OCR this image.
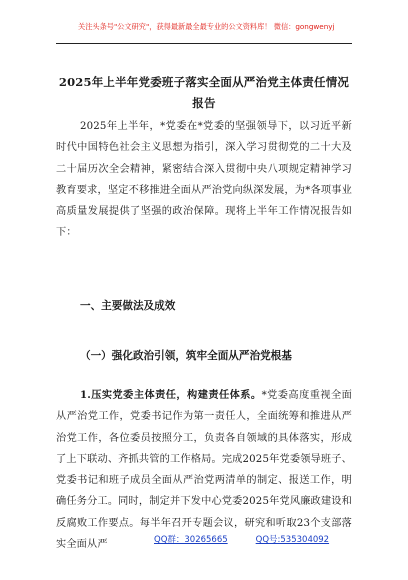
关注头条号"公文研究"，获得最新最全最专业的公文资料库！ 微信：gongwenyj
2025年上半年党委班子落实全面从严治党主体责任情况报告
2025年上半年，*党委在*党委的坚强领导下，以习近平新时代中国特色社会主义思想为指引，深入学习贯彻党的二十大及二十届历次全会精神，紧密结合深入贯彻中央八项规定精神学习教育要求，坚定不移推进全面从严治党向纵深发展，为*各项事业高质量发展提供了坚强的政治保障。现将上半年工作情况报告如下：
一、主要做法及成效
（一）强化政治引领，筑牢全面从严治党根基
1.压实党委主体责任，构建责任体系。*党委高度重视全面从严治党工作，党委书记作为第一责任人，全面统筹和推进从严治党工作，各位委员按照分工，负责各自领域的具体落实，形成了上下联动、齐抓共管的工作格局。完成2025年党委领导班子、党委书记和班子成员全面从严治党两清单的制定、报送工作，明确任务分工。同时，制定并下发中心党委2025年党风廉政建设和反腐败工作要点。每半年召开专题会议，研究和听取23个支部落实全面从严	QQ群：30265665	QQ号:535304092
